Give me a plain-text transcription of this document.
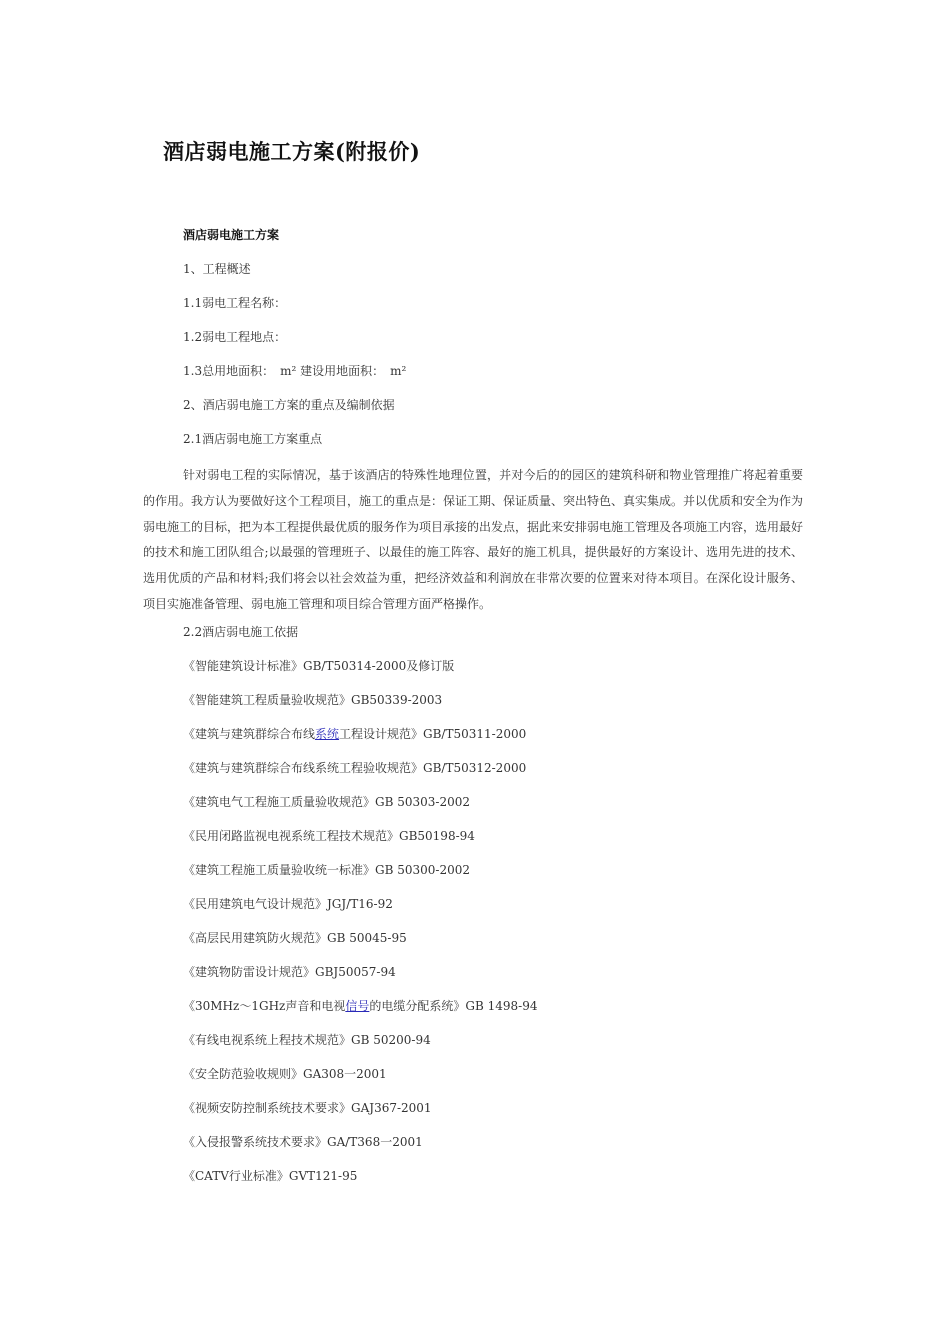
酒店弱电施工方案(附报价)
酒店弱电施工方案
1、工程概述
1.1弱电工程名称：
1.2弱电工程地点：
1.3总用地面积：　m² 建设用地面积：　m²
2、酒店弱电施工方案的重点及编制依据
2.1酒店弱电施工方案重点
针对弱电工程的实际情况，基于该酒店的特殊性地理位置，并对今后的的园区的建筑科研和物业管理推广将起着重要的作用。我方认为要做好这个工程项目，施工的重点是：保证工期、保证质量、突出特色、真实集成。并以优质和安全为作为弱电施工的目标，把为本工程提供最优质的服务作为项目承接的出发点，据此来安排弱电施工管理及各项施工内容，选用最好的技术和施工团队组合;以最强的管理班子、以最佳的施工阵容、最好的施工机具，提供最好的方案设计、选用先进的技术、选用优质的产品和材料;我们将会以社会效益为重，把经济效益和利润放在非常次要的位置来对待本项目。在深化设计服务、项目实施准备管理、弱电施工管理和项目综合管理方面严格操作。
2.2酒店弱电施工依据
《智能建筑设计标准》GB/T50314-2000及修订版
《智能建筑工程质量验收规范》GB50339-2003
《建筑与建筑群综合布线系统工程设计规范》GB/T50311-2000
《建筑与建筑群综合布线系统工程验收规范》GB/T50312-2000
《建筑电气工程施工质量验收规范》GB 50303-2002
《民用闭路监视电视系统工程技术规范》GB50198-94
《建筑工程施工质量验收统一标准》GB 50300-2002
《民用建筑电气设计规范》JGJ/T16-92
《高层民用建筑防火规范》GB 50045-95
《建筑物防雷设计规范》GBJ50057-94
《30MHz～1GHz声音和电视信号的电缆分配系统》GB 1498-94
《有线电视系统上程技术规范》GB 50200-94
《安全防范验收规则》GA308一2001
《视频安防控制系统技术要求》GAJ367-2001
《入侵报警系统技术要求》GA/T368一2001
《CATV行业标准》GVT121-95
